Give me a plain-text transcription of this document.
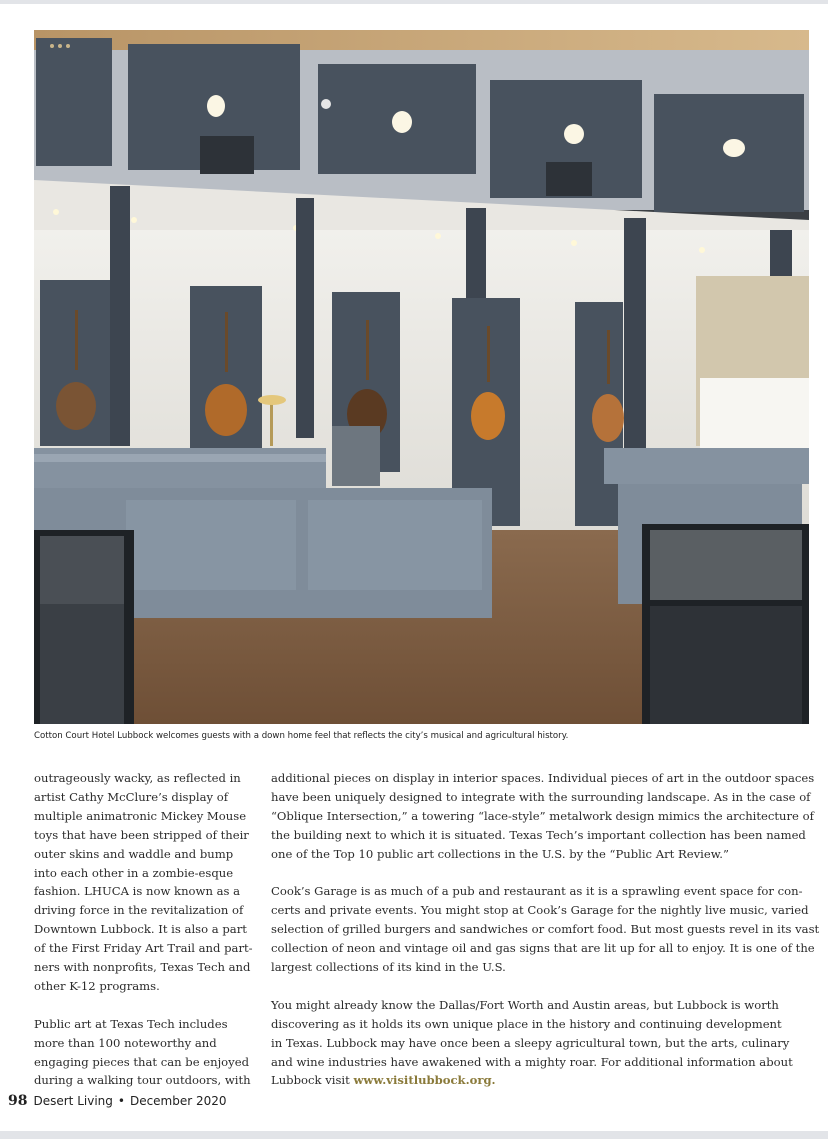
Cotton Court Hotel Lubbock welcomes guests with a down home feel that reflects the city’s musical and agricultural history.

outrageously wacky, as reflected in
artist Cathy McClure’s display of
multiple animatronic Mickey Mouse
toys that have been stripped of their
outer skins and waddle and bump
into each other in a zombie-esque
fashion. LHUCA is now known as a
driving force in the revitalization of
Downtown Lubbock. It is also a part
of the First Friday Art Trail and part-
ners with nonprofits, Texas Tech and
other K-12 programs.

Public art at Texas Tech includes
more than 100 noteworthy and
engaging pieces that can be enjoyed
during a walking tour outdoors, with

additional pieces on display in interior spaces. Individual pieces of art in the outdoor spaces
have been uniquely designed to integrate with the surrounding landscape. As in the case of
“Oblique Intersection,” a towering “lace-style” metalwork design mimics the architecture of
the building next to which it is situated. Texas Tech’s important collection has been named
one of the Top 10 public art collections in the U.S. by the “Public Art Review.”

Cook’s Garage is as much of a pub and restaurant as it is a sprawling event space for con-
certs and private events. You might stop at Cook’s Garage for the nightly live music, varied
selection of grilled burgers and sandwiches or comfort food. But most guests revel in its vast
collection of neon and vintage oil and gas signs that are lit up for all to enjoy. It is one of the
largest collections of its kind in the U.S.

You might already know the Dallas/Fort Worth and Austin areas, but Lubbock is worth
discovering as it holds its own unique place in the history and continuing development
in Texas. Lubbock may have once been a sleepy agricultural town, but the arts, culinary
and wine industries have awakened with a mighty roar. For additional information about
Lubbock visit www.visitlubbock.org.

98 Desert Living • December 2020
